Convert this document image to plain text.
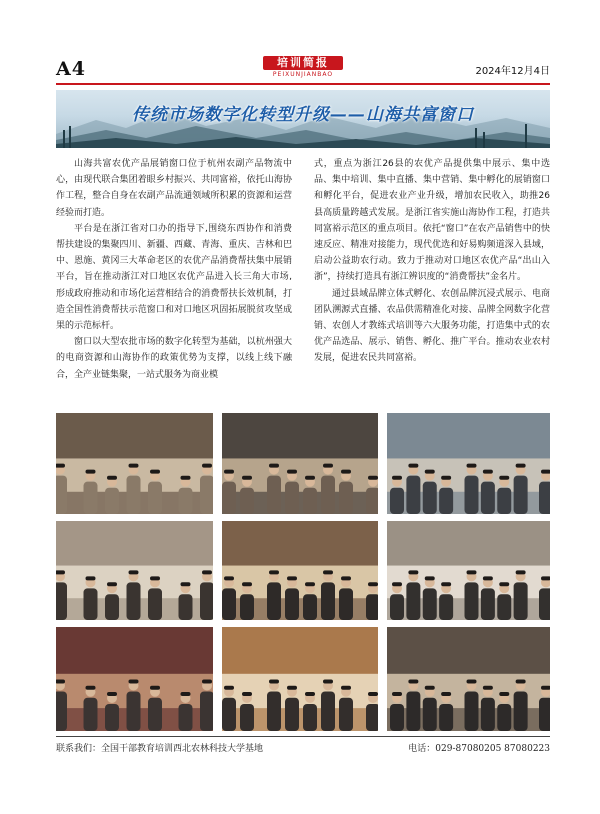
A4	培训简报
PEIXUNJIANBAO	2024年12月4日
传统市场数字化转型升级——山海共富窗口

山海共富农优产品展销窗口位于杭州农副产品物流中心，由现代联合集团着眼乡村振兴、共同富裕，依托山海协作工程，整合自身在农副产品流通领域所积累的资源和运营经验而打造。

平台是在浙江省对口办的指导下,围绕东西协作和消费帮扶建设的集聚四川、新疆、西藏、青海、重庆、吉林和巴中、恩施、黄冈三大革命老区的农优产品消费帮扶集中展销平台，旨在推动浙江对口地区农优产品进入长三角大市场,形成政府推动和市场化运营相结合的消费帮扶长效机制，打造全国性消费帮扶示范窗口和对口地区巩固拓展脱贫攻坚成果的示范标杆。

窗口以大型农批市场的数字化转型为基础，以杭州强大的电商资源和山海协作的政策优势为支撑，以线上线下融合，全产业链集聚，一站式服务为商业模

式，重点为浙江26县的农优产品提供集中展示、集中选品、集中培训、集中直播、集中营销、集中孵化的展销窗口和孵化平台，促进农业产业升级，增加农民收入，助推26县高质量跨越式发展。是浙江省实施山海协作工程，打造共同富裕示范区的重点项目。依托“窗口”在农产品销售中的快速反应、精准对接能力，现代优选和好易购频道深入县域，启动公益助农行动。致力于推动对口地区农优产品“出山入浙”，持续打造具有浙江辨识度的“消费帮扶”金名片。

通过县域品牌立体式孵化、农创品牌沉浸式展示、电商团队溯源式直播、农品供需精准化对接、品牌全网数字化营销、农创人才教练式培训等六大服务功能，打造集中式的农优产品选品、展示、销售、孵化、推广平台。推动农业农村发展，促进农民共同富裕。

联系我们：全国干部教育培训西北农林科技大学基地	电话：029-87080205 87080223
